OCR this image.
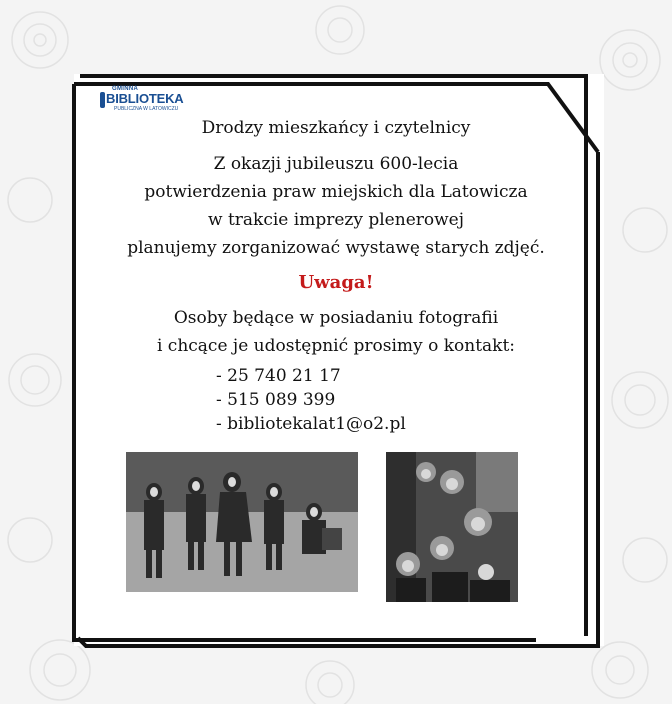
GMINNA
BIBLIOTEKA
PUBLICZNA W LATOWICZU
Drodzy mieszkańcy i czytelnicy
Z okazji jubileuszu 600-lecia
potwierdzenia praw miejskich dla Latowicza
w trakcie imprezy plenerowej
planujemy zorganizować wystawę starych zdjęć.
Uwaga!
Osoby będące w posiadaniu fotografii
i chcące je udostępnić prosimy o kontakt:
- 25 740 21 17
- 515 089 399
- bibliotekalat1@o2.pl
